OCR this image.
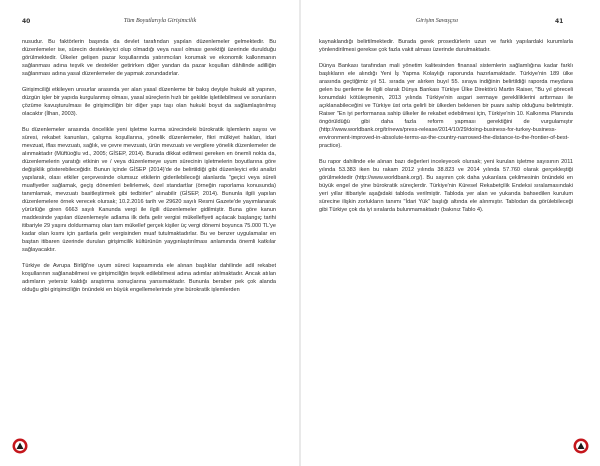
40	Tüm Boyutlarıyla Girişimcilik

nusudur. Bu faktörlerin başında da devlet tarafından yapılan düzenlemeler gelmektedir. Bu düzenlemeler ise, sürecin destekleyici olup olmadığı veya nasıl olması gerektiği üzerinde durulduğu görülmektedir. Ülkeler gelişen pazar koşullarında yatırımcıları korumak ve ekonomik kalkınmanın sağlanması adına teşvik ve destekler getirirken diğer yandan da pazar koşulları dâhilinde adilliğin sağlanması adına yasal düzenlemeler de yapmak zorundadırlar.

Girişimciliği etkileyen unsurlar arasında yer alan yasal düzenleme bir bakış deyişle hukuki alt yapının, düzgün işler bir yapıda kurgulanmış olması, yasal süreçlerin hızlı bir şekilde işletilebilmesi ve sorunların çözüme kavuşturulması ile girişimciliğin bir diğer yapı taşı olan hukuki boyut da sağlamlaştırılmış olacaktır (İlhan, 2003).

Bu düzenlemeler arasında öncelikle yeni işletme kurma sürecindeki bürokratik işlemlerin sayısı ve süresi, rekabet kanunları, çalışma koşullarına, yönelik düzenlemeler, fikri mülkiyet hakları, idari mevzuat, iflas mevzuatı, sağlık, ve çevre mevzuatı, ürün mevzuatı ve vergilere yönelik düzenlemeler de alınmaktadır (Müftüoğlu vd., 2005; GİSEP, 2014). Burada dikkat edilmesi gereken en önemli nokta da, düzenlemelerin yaratığı etkinin ve / veya düzenlemeye uyum sürecinin işletmelerin boyutlarına göre değişiklik gösterebileceğidir. Bunun içinde GİSEP (2014)'de de belirtildiği gibi düzenleyici etki analizi yapılarak, olası etkiler çerçevesinde olumsuz etkilerin giderilebileceği alanlarda "geçici veya süreli muafiyetler sağlamak, geçiş dönemleri belirlemek, özel standartlar (örneğin raporlama konusunda) tanımlamak, mevzuatı basitleştirmek gibi tedbirler" alınabilir (GİSEP, 2014). Bununla ilgili yapılan düzenlemelere örnek verecek olursak; 10.2.2016 tarih ve 29620 sayılı Resmi Gazete'de yayımlanarak yürürlüğe giren 6663 sayılı Kanunda vergi ile ilgili düzenlemeler gidilmiştir. Buna göre kanun maddesinde yapılan düzenlemeyle adlama ilk defa gelir vergisi mükellefiyeti açılacak başlangıç tarihi itibariyle 29 yaşını doldurmamış olan tam mükellef gerçek kişiler üç vergi dönemi boyunca 75.000 TL'ye kadar olan kısmı için şartlarla gelir vergisinden muaf tutulmaktadırlar. Bu ve benzer uygulamalar en baştan itibaren üzerinde durulan girişimcilik kültürünün yaygınlaştırılması anlamında önemli katkılar sağlayacaktır.

Türkiye de Avrupa Birliği'ne uyum süreci kapsamında ele alınan başlıklar dahilinde adil rekabet koşullarının sağlanabilmesi ve girişimciliğin teşvik edilebilmesi adına adımlar atılmaktadır. Ancak atılan adımların yetersiz kaldığı araştırma sonuçlarına yansımaktadır. Bununla beraber pek çok alanda olduğu gibi girişimciliğin önündeki en büyük engellemelerinde yine bürokratik işlemlerden

Girişim Savaşçısı	41

kaynaklandığı belirtilmektedir. Burada gerek prosedürlerin uzun ve farklı yapılardaki kurumlarla yönlendirilmesi gerekse çok fazla vakit alması üzerinde durulmaktadır.

Dünya Bankası tarafından mali yönetim kalitesinden finansal sistemlerin sağlamlığına kadar farklı başlıkların ele alındığı Yeni İş Yapma Kolaylığı raporunda hazırlamaktadır. Türkiye'nin 189 ülke arasında geçtiğimiz yıl 51. sırada yer alırken buyıl 55. sıraya indiğinin belirtildiği raporda meydana gelen bu gerileme ile ilgili olarak Dünya Bankası Türkiye Ülke Direktörü Martin Raiser, "Bu yıl göreceli konumdaki kötüleşmenin, 2013 yılında Türkiye'nin asgari sermaye gerekliliklerini arttırması ile açıklanabileceğini ve Türkiye üst orta gelirli bir ülkeden beklenen bir puanı sahip olduğunu belirtmiştir. Raiser "En iyi performansa sahip ülkeler ile rekabet edebilmesi için, Türkiye'nin 10. Kalkınma Planında öngörüldüğü gibi daha fazla reform yapması gerektiğini de vurgulamıştır (http://www.worldbank.org/tr/news/press-release/2014/10/29/doing-business-for-turkey-business-environment-improved-in-absolute-terms-as-the-country-narrowed-the-distance-to-the-frontier-of-best-practice).

Bu rapor dahilinde ele alınan bazı değerleri inceleyecek olursak; yeni kurulan işletme sayısının 2011 yılında 53.383 iken bu rakam 2012 yılında 38.823 ve 2014 yılında 57.760 olarak gerçekleştiği görülmektedir (http://www.worldbank.org/). Bu sayının çok daha yukarılara çekilmesinin önündeki en büyük engel de yine bürokratik süreçlerdir. Türkiye'nin Küresel Rekabetçilik Endeksi sıralamasındaki yeri yıllar itibariyle aşağıdaki tabloda verilmiştir. Tabloda yer alan ve yukarıda bahsedilen kurulum sürecine ilişkin zorlukların tanımı "İdari Yük" başlığı altında ele alınmıştır. Tablodan da görülebileceği gibi Türkiye çok da iyi sıralarda bulunmamaktadır (bakınız Tablo 4).
